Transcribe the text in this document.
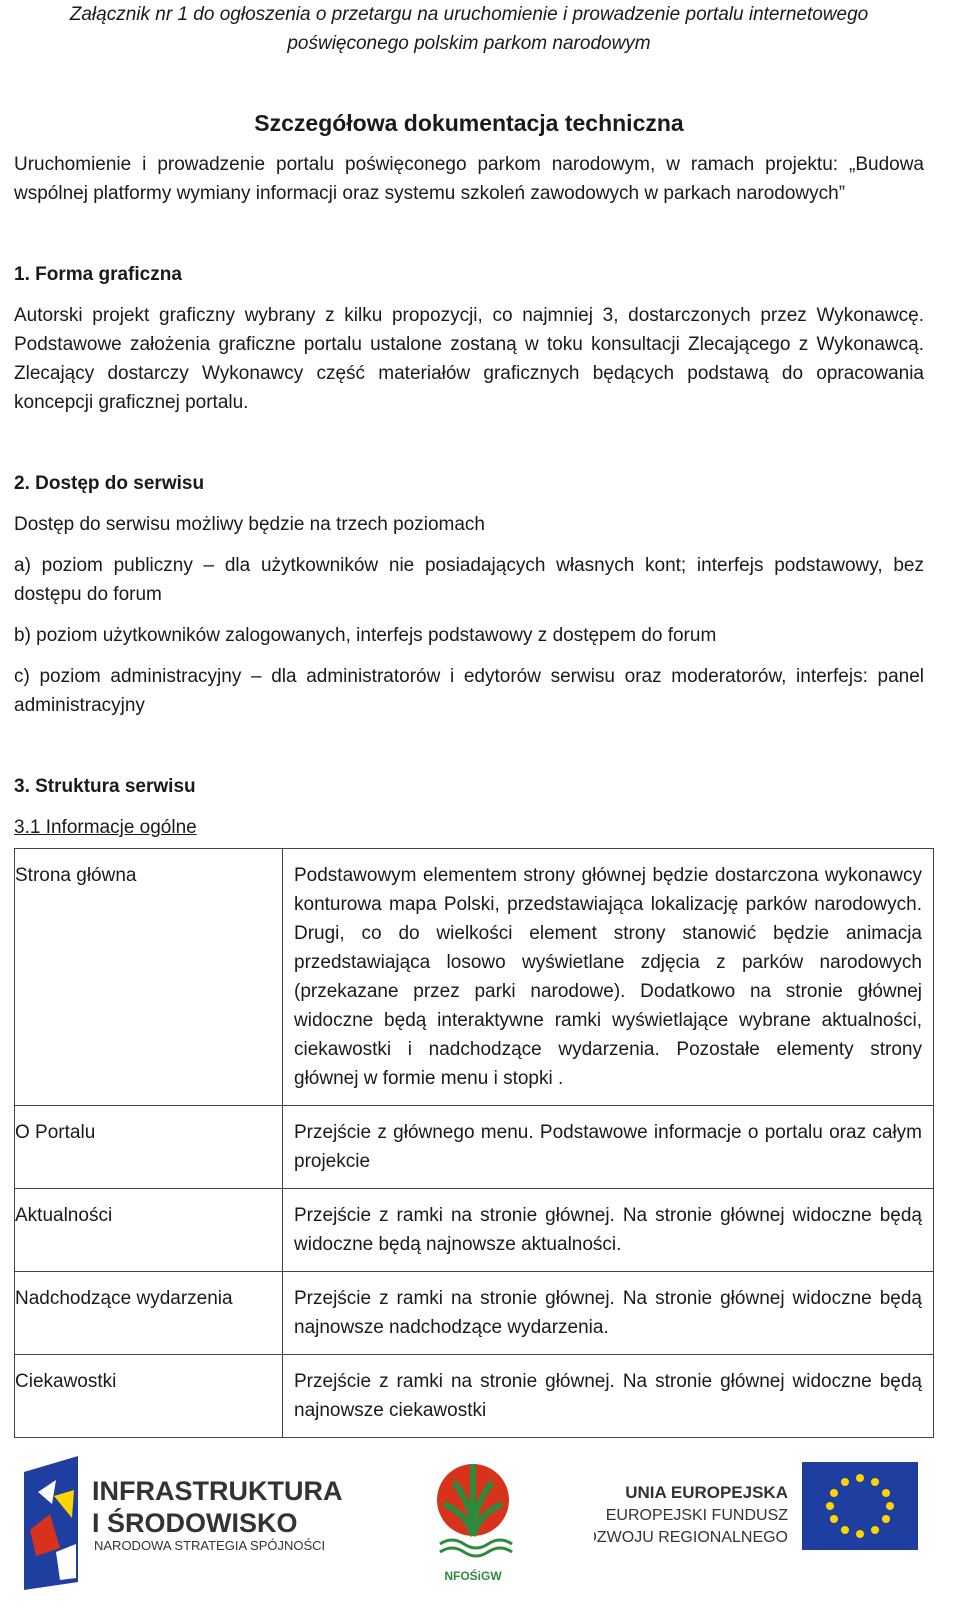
Załącznik nr 1 do ogłoszenia o przetargu na uruchomienie i prowadzenie portalu internetowego poświęconego polskim parkom narodowym
Szczegółowa dokumentacja techniczna

Uruchomienie i prowadzenie portalu poświęconego parkom narodowym, w ramach projektu: „Budowa wspólnej platformy wymiany informacji oraz systemu szkoleń zawodowych w parkach narodowych”

1. Forma graficzna

Autorski projekt graficzny wybrany z kilku propozycji, co najmniej 3, dostarczonych przez Wykonawcę. Podstawowe założenia graficzne portalu ustalone zostaną w toku konsultacji Zlecającego z Wykonawcą. Zlecający dostarczy Wykonawcy część materiałów graficznych będących podstawą do opracowania koncepcji graficznej portalu.

2. Dostęp do serwisu

Dostęp do serwisu możliwy będzie na trzech poziomach

a) poziom publiczny – dla użytkowników nie posiadających własnych kont; interfejs podstawowy, bez dostępu do forum

b) poziom użytkowników zalogowanych, interfejs podstawowy z dostępem do forum

c) poziom administracyjny – dla administratorów i edytorów serwisu oraz moderatorów, interfejs: panel administracyjny

3. Struktura serwisu
3.1 Informacje ogólne
Strona główna	Podstawowym elementem strony głównej będzie dostarczona wykonawcy konturowa mapa Polski, przedstawiająca lokalizację parków narodowych. Drugi, co do wielkości element strony stanowić będzie animacja przedstawiająca losowo wyświetlane zdjęcia z parków narodowych (przekazane przez parki narodowe). Dodatkowo na stronie głównej widoczne będą interaktywne ramki wyświetlające wybrane aktualności, ciekawostki i nadchodzące wydarzenia. Pozostałe elementy strony głównej w formie menu i stopki .

O Portalu	Przejście z głównego menu. Podstawowe informacje o portalu oraz całym projekcie

Aktualności	Przejście z ramki na stronie głównej. Na stronie głównej widoczne będą widoczne będą najnowsze aktualności.

Nadchodzące wydarzenia	Przejście z ramki na stronie głównej. Na stronie głównej widoczne będą najnowsze nadchodzące wydarzenia.

Ciekawostki	Przejście z ramki na stronie głównej. Na stronie głównej widoczne będą najnowsze ciekawostki
INFRASTRUKTURA
I ŚRODOWISKO
NARODOWA STRATEGIA SPÓJNOŚCI
NFOŚiGW
UNIA EUROPEJSKA
EUROPEJSKI FUNDUSZ
ROZWOJU REGIONALNEGO
